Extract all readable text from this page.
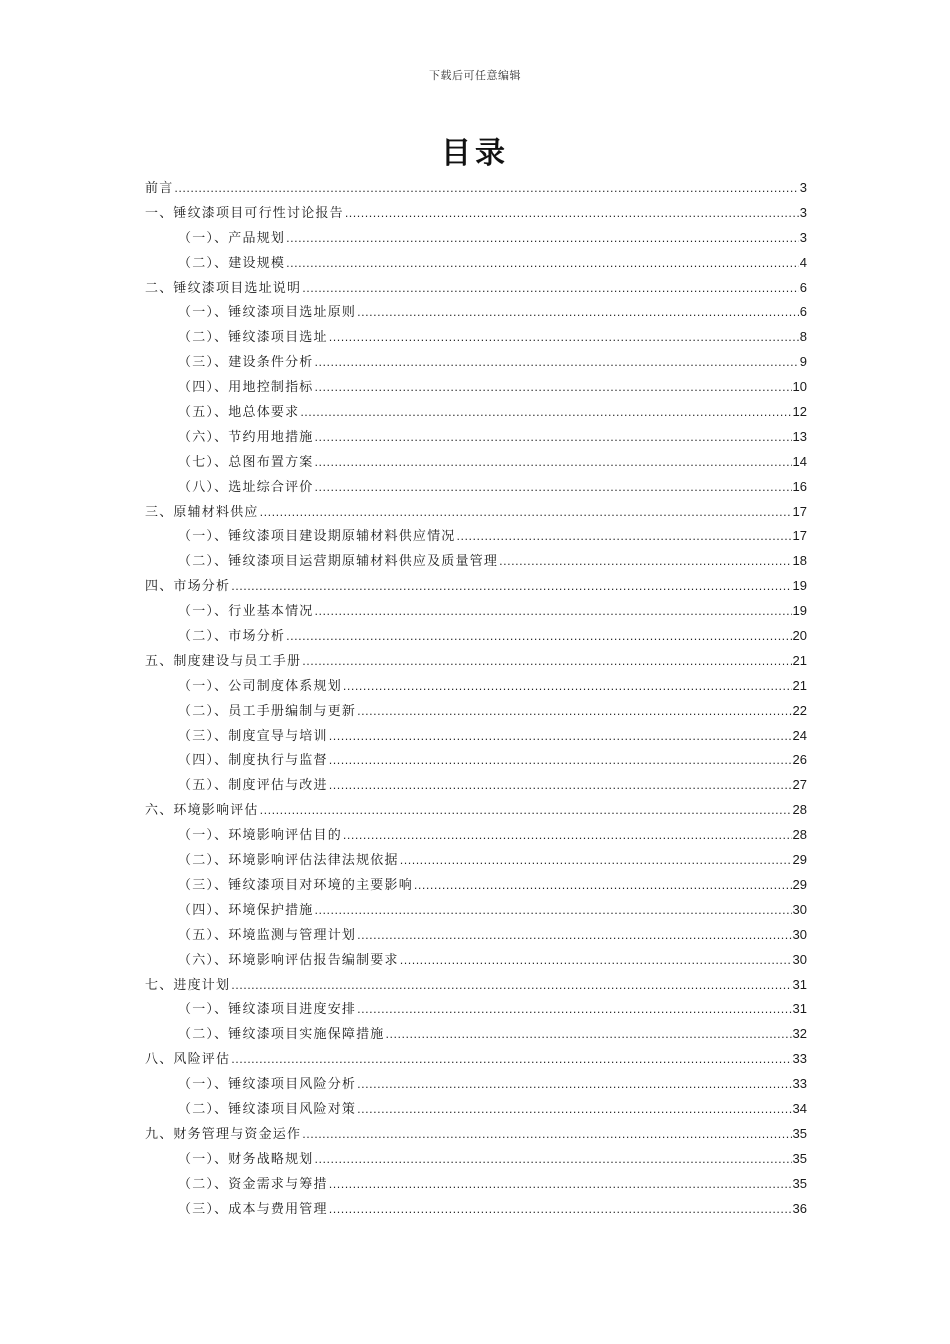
下载后可任意编辑
目录
前言 .....	3
一、锤纹漆项目可行性讨论报告 .....	3
（一）、产品规划 .....	3
（二）、建设规模 .....	4
二、锤纹漆项目选址说明 .....	6
（一）、锤纹漆项目选址原则 .....	6
（二）、锤纹漆项目选址 .....	8
（三）、建设条件分析 .....	9
（四）、用地控制指标 .....	10
（五）、地总体要求 .....	12
（六）、节约用地措施 .....	13
（七）、总图布置方案 .....	14
（八）、选址综合评价 .....	16
三、原辅材料供应 .....	17
（一）、锤纹漆项目建设期原辅材料供应情况 .....	17
（二）、锤纹漆项目运营期原辅材料供应及质量管理 .....	18
四、市场分析 .....	19
（一）、行业基本情况 .....	19
（二）、市场分析 .....	20
五、制度建设与员工手册 .....	21
（一）、公司制度体系规划 .....	21
（二）、员工手册编制与更新 .....	22
（三）、制度宣导与培训 .....	24
（四）、制度执行与监督 .....	26
（五）、制度评估与改进 .....	27
六、环境影响评估 .....	28
（一）、环境影响评估目的 .....	28
（二）、环境影响评估法律法规依据 .....	29
（三）、锤纹漆项目对环境的主要影响 .....	29
（四）、环境保护措施 .....	30
（五）、环境监测与管理计划 .....	30
（六）、环境影响评估报告编制要求 .....	30
七、进度计划 .....	31
（一）、锤纹漆项目进度安排 .....	31
（二）、锤纹漆项目实施保障措施 .....	32
八、风险评估 .....	33
（一）、锤纹漆项目风险分析 .....	33
（二）、锤纹漆项目风险对策 .....	34
九、财务管理与资金运作 .....	35
（一）、财务战略规划 .....	35
（二）、资金需求与筹措 .....	35
（三）、成本与费用管理 .....	36
